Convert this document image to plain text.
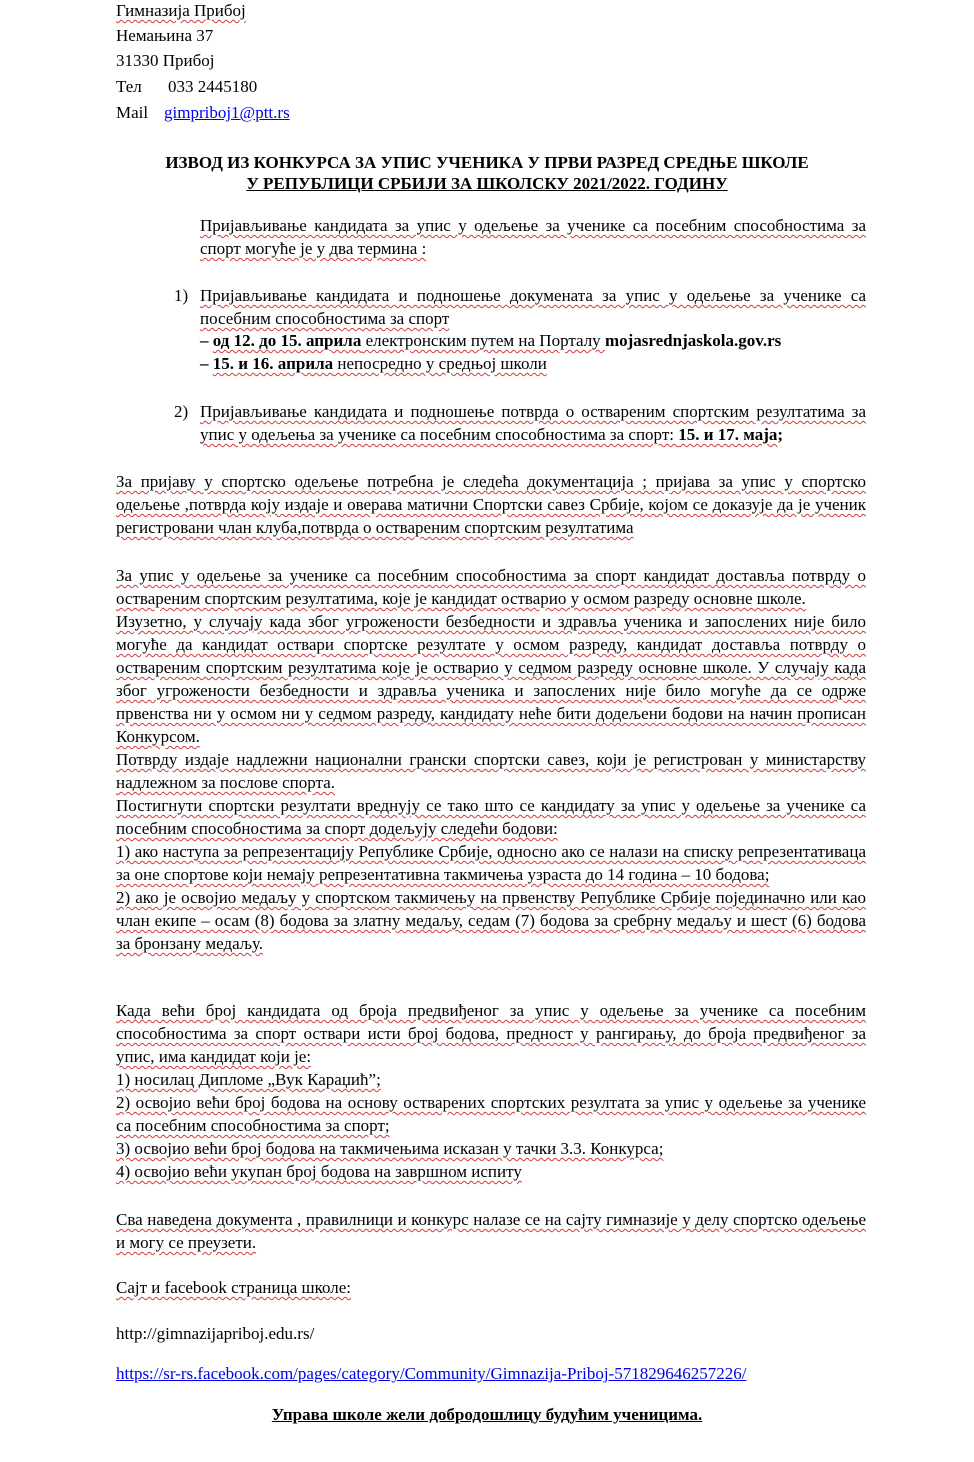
Гимназија Прибој
Немањина 37
31330 Прибој
Тел 033 2445180
Mail gimpriboj1@ptt.rs
ИЗВОД ИЗ КОНКУРСА ЗА УПИС УЧЕНИКА У ПРВИ РАЗРЕД СРЕДЊЕ ШКОЛЕ
У РЕПУБЛИЦИ СРБИЈИ ЗА ШКОЛСКУ 2021/2022. ГОДИНУ
Пријављивање кандидата за упис у одељење за ученике са посебним способностима за спорт могуће је у два термина :
1) Пријављивање кандидата и подношење докумената за упис у одељење за ученике са посебним способностима за спорт
– од 12. до 15. априла електронским путем на Порталу mojasrednjaskola.gov.rs
– 15. и 16. априла непосредно у средњој школи
2) Пријављивање кандидата и подношење потврда о оствареним спортским резултатима за упис у одељења за ученике са посебним способностима за спорт: 15. и 17. маја;
За пријаву у спортско одељење потребна је следећа документација ; пријава за упис у спортско одељење ,потврда коју издаје и оверава матични Спортски савез Србије, којом се доказује да је ученик регистровани члан клуба,потврда о оствареним спортским резултатима
За упис у одељење за ученике са посебним способностима за спорт кандидат доставља потврду о оствареним спортским резултатима, које је кандидат остварио у осмом разреду основне школе.
Изузетно, у случају када због угрожености безбедности и здравља ученика и запослених није било могуће да кандидат оствари спортске резултате у осмом разреду, кандидат доставља потврду о оствареним спортским резултатима које је остварио у седмом разреду основне школе. У случају када због угрожености безбедности и здравља ученика и запослених није било могуће да се одрже првенства ни у осмом ни у седмом разреду, кандидату неће бити додељени бодови на начин прописан Конкурсом.
Потврду издаје надлежни национални грански спортски савез, који је регистрован у министарству надлежном за послове спорта.
Постигнути спортски резултати вреднују се тако што се кандидату за упис у одељење за ученике са посебним способностима за спорт додељују следећи бодови:
1) ако наступа за репрезентацију Републике Србије, односно ако се налази на списку репрезентативаца за оне спортове који немају репрезентативна такмичења узраста до 14 година – 10 бодова;
2) ако је освојио медаљу у спортском такмичењу на првенству Републике Србије појединачно или као члан екипе – осам (8) бодова за златну медаљу, седам (7) бодова за сребрну медаљу и шест (6) бодова за бронзану медаљу.
Када већи број кандидата од броја предвиђеног за упис у одељење за ученике са посебним способностима за спорт оствари исти број бодова, предност у рангирању, до броја предвиђеног за упис, има кандидат који је:
1) носилац Дипломе „Вук Караџић”;
2) освојио већи број бодова на основу остварених спортских резултата за упис у одељење за ученике са посебним способностима за спорт;
3) освојио већи број бодова на такмичењима исказан у тачки 3.3. Конкурса;
4) освојио већи укупан број бодова на завршном испиту
Сва наведена документа , правилници и конкурс налазе се на сајту гимназије у делу спортско одељење и могу се преузети.
Сајт и facebook страница школе:
http://gimnazijapriboj.edu.rs/
https://sr-rs.facebook.com/pages/category/Community/Gimnazija-Priboj-571829646257226/
Управа школе жели добродошлицу будућим ученицима.
